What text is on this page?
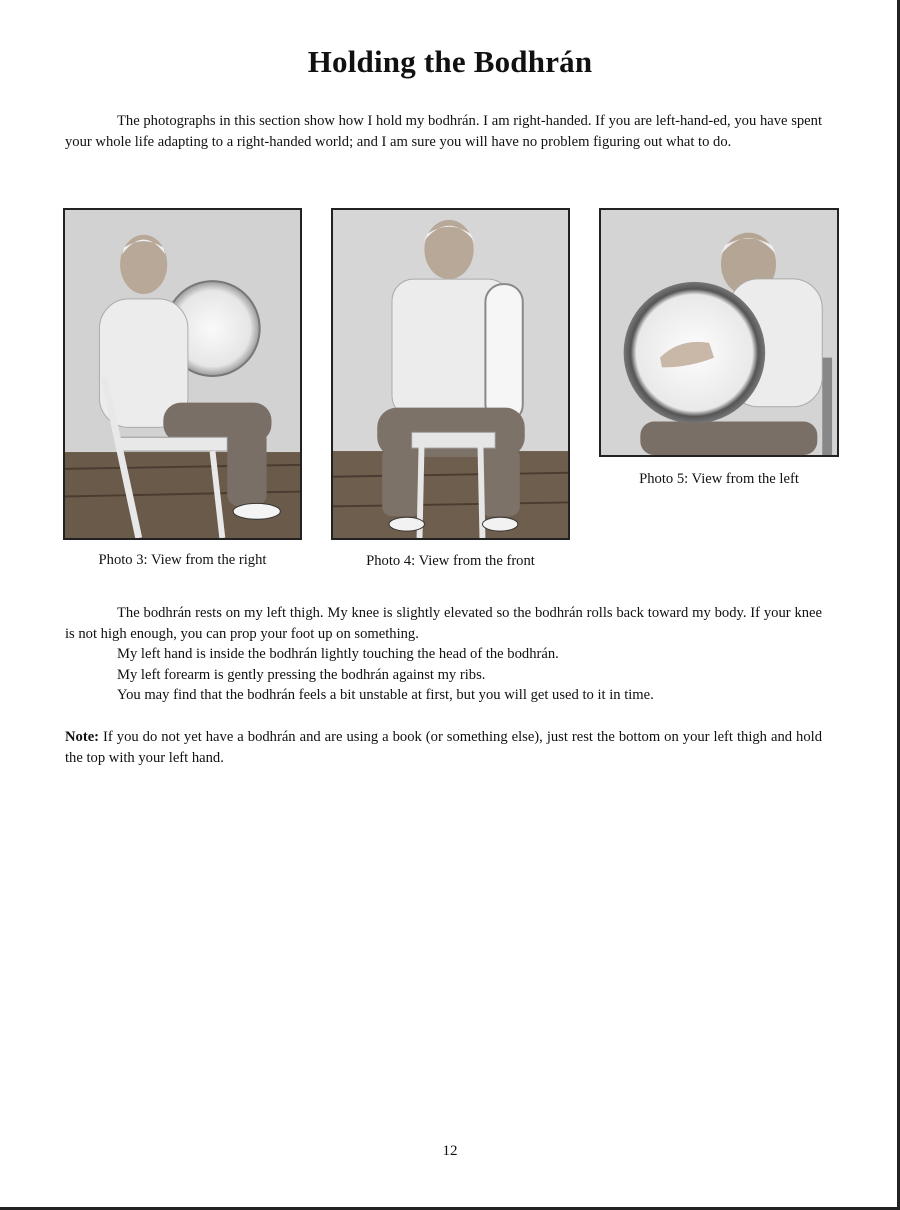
Holding the Bodhrán

The photographs in this section show how I hold my bodhrán. I am right-handed. If you are left-hand-ed, you have spent your whole life adapting to a right-handed world; and I am sure you will have no problem figuring out what to do.

Photo 3: View from the right	Photo 4: View from the front
Photo 5: View from the left

The bodhrán rests on my left thigh. My knee is slightly elevated so the bodhrán rolls back toward my body. If your knee is not high enough, you can prop your foot up on something.

My left hand is inside the bodhrán lightly touching the head of the bodhrán.

My left forearm is gently pressing the bodhrán against my ribs.

You may find that the bodhrán feels a bit unstable at first, but you will get used to it in time.

Note: If you do not yet have a bodhrán and are using a book (or something else), just rest the bottom on your left thigh and hold the top with your left hand.

12
